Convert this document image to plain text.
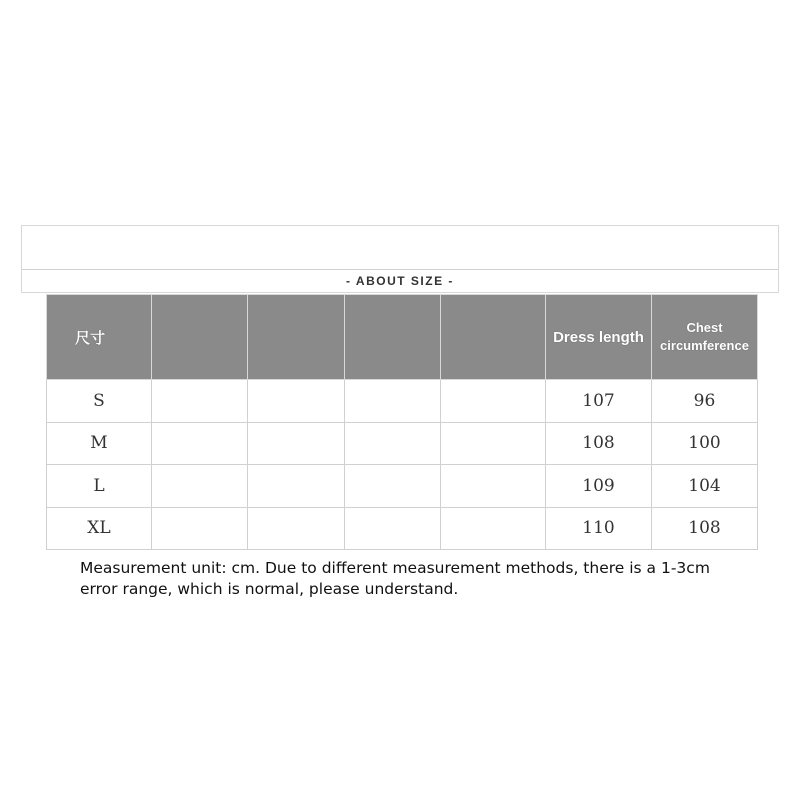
- ABOUT SIZE -
尺寸					Dress length	Chest circumference
S					107	96
M					108	100
L					109	104
XL					110	108
Measurement unit: cm. Due to different measurement methods, there is a 1-3cm error range, which is normal, please understand.
